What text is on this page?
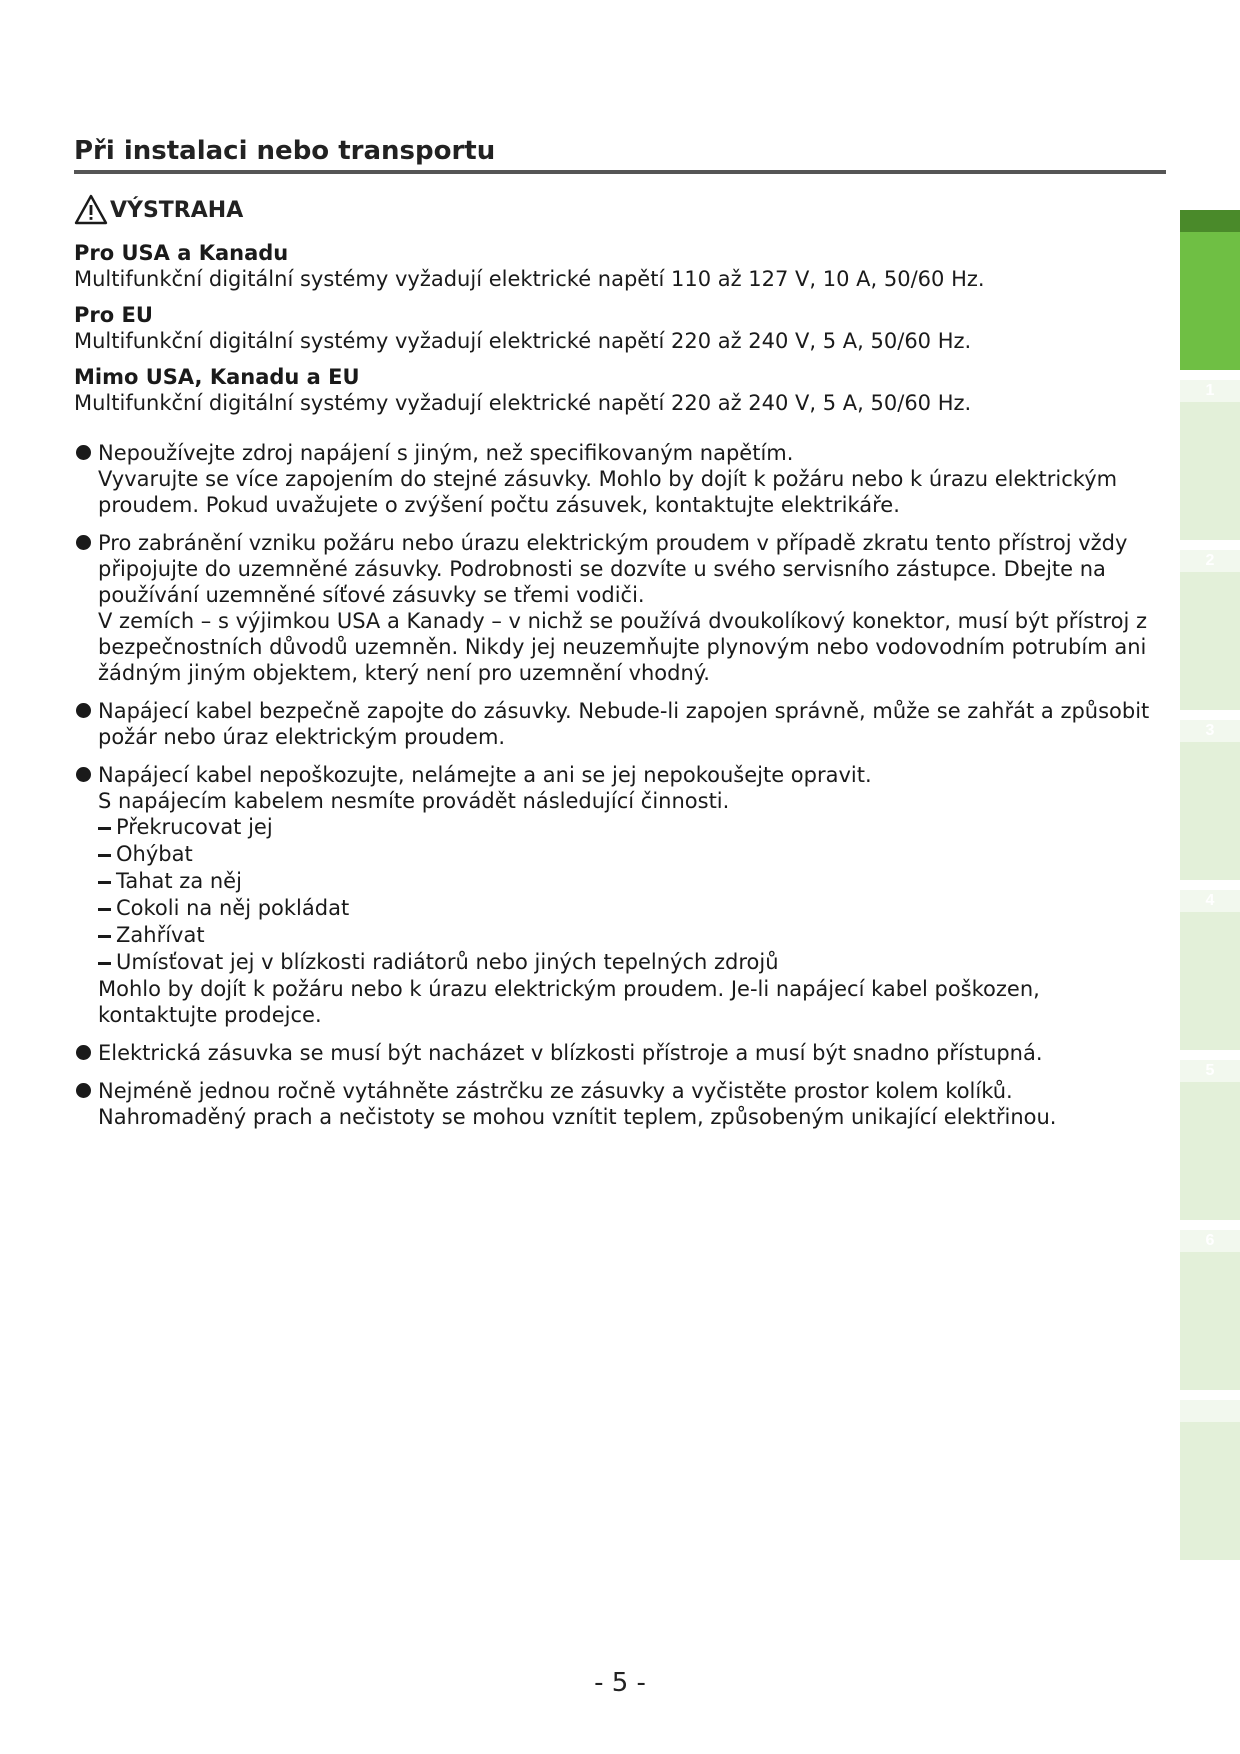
Při instalaci nebo transportu
VÝSTRAHA
Pro USA a Kanadu
Multifunkční digitální systémy vyžadují elektrické napětí 110 až 127 V, 10 A, 50/60 Hz.
Pro EU
Multifunkční digitální systémy vyžadují elektrické napětí 220 až 240 V, 5 A, 50/60 Hz.
Mimo USA, Kanadu a EU
Multifunkční digitální systémy vyžadují elektrické napětí 220 až 240 V, 5 A, 50/60 Hz.
Nepoužívejte zdroj napájení s jiným, než specifikovaným napětím.
Vyvarujte se více zapojením do stejné zásuvky. Mohlo by dojít k požáru nebo k úrazu elektrickým proudem. Pokud uvažujete o zvýšení počtu zásuvek, kontaktujte elektrikáře.
Pro zabránění vzniku požáru nebo úrazu elektrickým proudem v případě zkratu tento přístroj vždy připojujte do uzemněné zásuvky. Podrobnosti se dozvíte u svého servisního zástupce. Dbejte na používání uzemněné síťové zásuvky se třemi vodiči.
V zemích – s výjimkou USA a Kanady – v nichž se používá dvoukolíkový konektor, musí být přístroj z bezpečnostních důvodů uzemněn. Nikdy jej neuzemňujte plynovým nebo vodovodním potrubím ani žádným jiným objektem, který není pro uzemnění vhodný.
Napájecí kabel bezpečně zapojte do zásuvky. Nebude-li zapojen správně, může se zahřát a způsobit požár nebo úraz elektrickým proudem.
Napájecí kabel nepoškozujte, nelámejte a ani se jej nepokoušejte opravit.
S napájecím kabelem nesmíte provádět následující činnosti.
Překrucovat jej
Ohýbat
Tahat za něj
Cokoli na něj pokládat
Zahřívat
Umísťovat jej v blízkosti radiátorů nebo jiných tepelných zdrojů
Mohlo by dojít k požáru nebo k úrazu elektrickým proudem. Je-li napájecí kabel poškozen, kontaktujte prodejce.
Elektrická zásuvka se musí být nacházet v blízkosti přístroje a musí být snadno přístupná.
Nejméně jednou ročně vytáhněte zástrčku ze zásuvky a vyčistěte prostor kolem kolíků.
Nahromaděný prach a nečistoty se mohou vznítit teplem, způsobeným unikající elektřinou.
1
2
3
4
5
6
- 5 -
